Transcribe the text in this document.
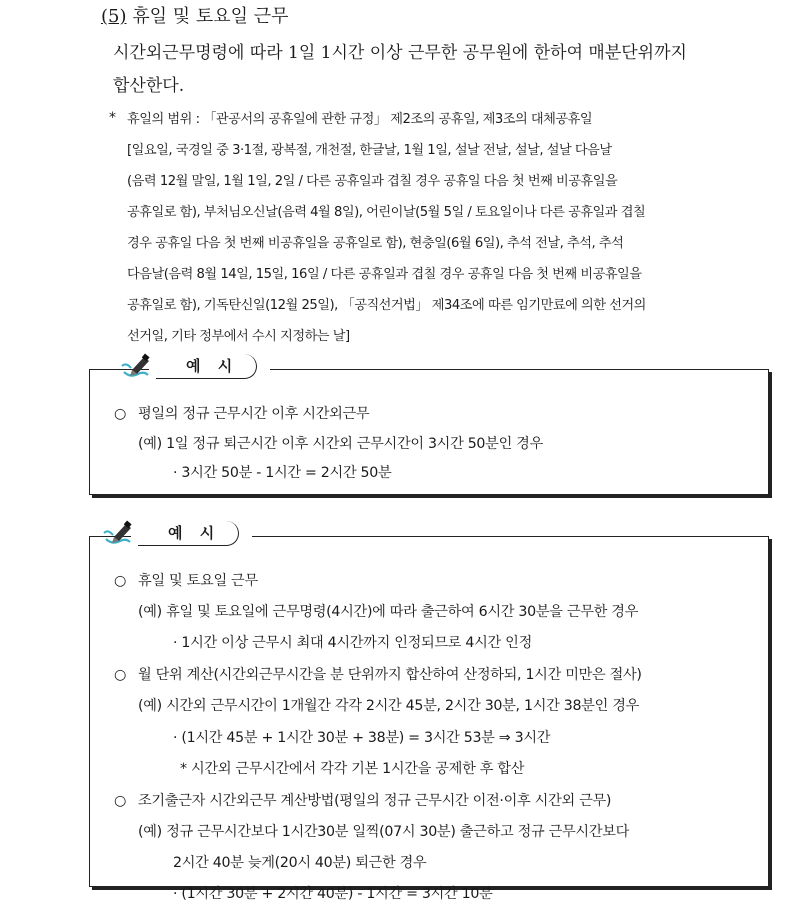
(5) 휴일 및 토요일 근무
시간외근무명령에 따라 1일 1시간 이상 근무한 공무원에 한하여 매분단위까지
합산한다.
* 휴일의 범위 : 「관공서의 공휴일에 관한 규정」 제2조의 공휴일, 제3조의 대체공휴일
[일요일, 국경일 중 3·1절, 광복절, 개천절, 한글날, 1월 1일, 설날 전날, 설날, 설날 다음날
(음력 12월 말일, 1월 1일, 2일 / 다른 공휴일과 겹칠 경우 공휴일 다음 첫 번째 비공휴일을
공휴일로 함), 부처님오신날(음력 4월 8일), 어린이날(5월 5일 / 토요일이나 다른 공휴일과 겹칠
경우 공휴일 다음 첫 번째 비공휴일을 공휴일로 함), 현충일(6월 6일), 추석 전날, 추석, 추석
다음날(음력 8월 14일, 15일, 16일 / 다른 공휴일과 겹칠 경우 공휴일 다음 첫 번째 비공휴일을
공휴일로 함), 기독탄신일(12월 25일), 「공직선거법」 제34조에 따른 임기만료에 의한 선거의
선거일, 기타 정부에서 수시 지정하는 날]
예 시
○ 평일의 정규 근무시간 이후 시간외근무
(예) 1일 정규 퇴근시간 이후 시간외 근무시간이 3시간 50분인 경우
· 3시간 50분 - 1시간 = 2시간 50분
예 시
○ 휴일 및 토요일 근무
(예) 휴일 및 토요일에 근무명령(4시간)에 따라 출근하여 6시간 30분을 근무한 경우
· 1시간 이상 근무시 최대 4시간까지 인정되므로 4시간 인정
○ 월 단위 계산(시간외근무시간을 분 단위까지 합산하여 산정하되, 1시간 미만은 절사)
(예) 시간외 근무시간이 1개월간 각각 2시간 45분, 2시간 30분, 1시간 38분인 경우
· (1시간 45분 + 1시간 30분 + 38분) = 3시간 53분 ⇒ 3시간
* 시간외 근무시간에서 각각 기본 1시간을 공제한 후 합산
○ 조기출근자 시간외근무 계산방법(평일의 정규 근무시간 이전·이후 시간외 근무)
(예) 정규 근무시간보다 1시간30분 일찍(07시 30분) 출근하고 정규 근무시간보다
2시간 40분 늦게(20시 40분) 퇴근한 경우
· (1시간 30분 + 2시간 40분) - 1시간 = 3시간 10분
